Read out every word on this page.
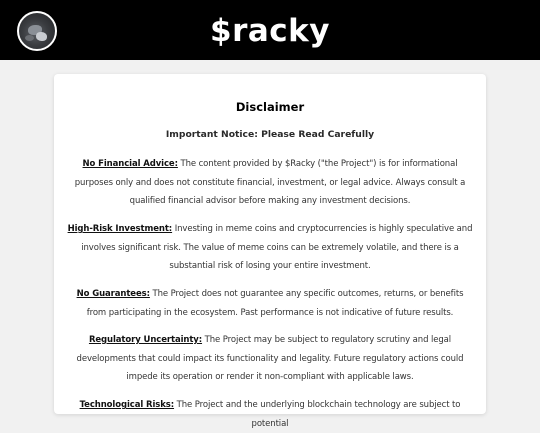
$racky
Disclaimer
Important Notice: Please Read Carefully
No Financial Advice: The content provided by $Racky ("the Project") is for informational purposes only and does not constitute financial, investment, or legal advice. Always consult a qualified financial advisor before making any investment decisions.
High-Risk Investment: Investing in meme coins and cryptocurrencies is highly speculative and involves significant risk. The value of meme coins can be extremely volatile, and there is a substantial risk of losing your entire investment.
No Guarantees: The Project does not guarantee any specific outcomes, returns, or benefits from participating in the ecosystem. Past performance is not indicative of future results.
Regulatory Uncertainty: The Project may be subject to regulatory scrutiny and legal developments that could impact its functionality and legality. Future regulatory actions could impede its operation or render it non-compliant with applicable laws.
Technological Risks: The Project and the underlying blockchain technology are subject to potential
